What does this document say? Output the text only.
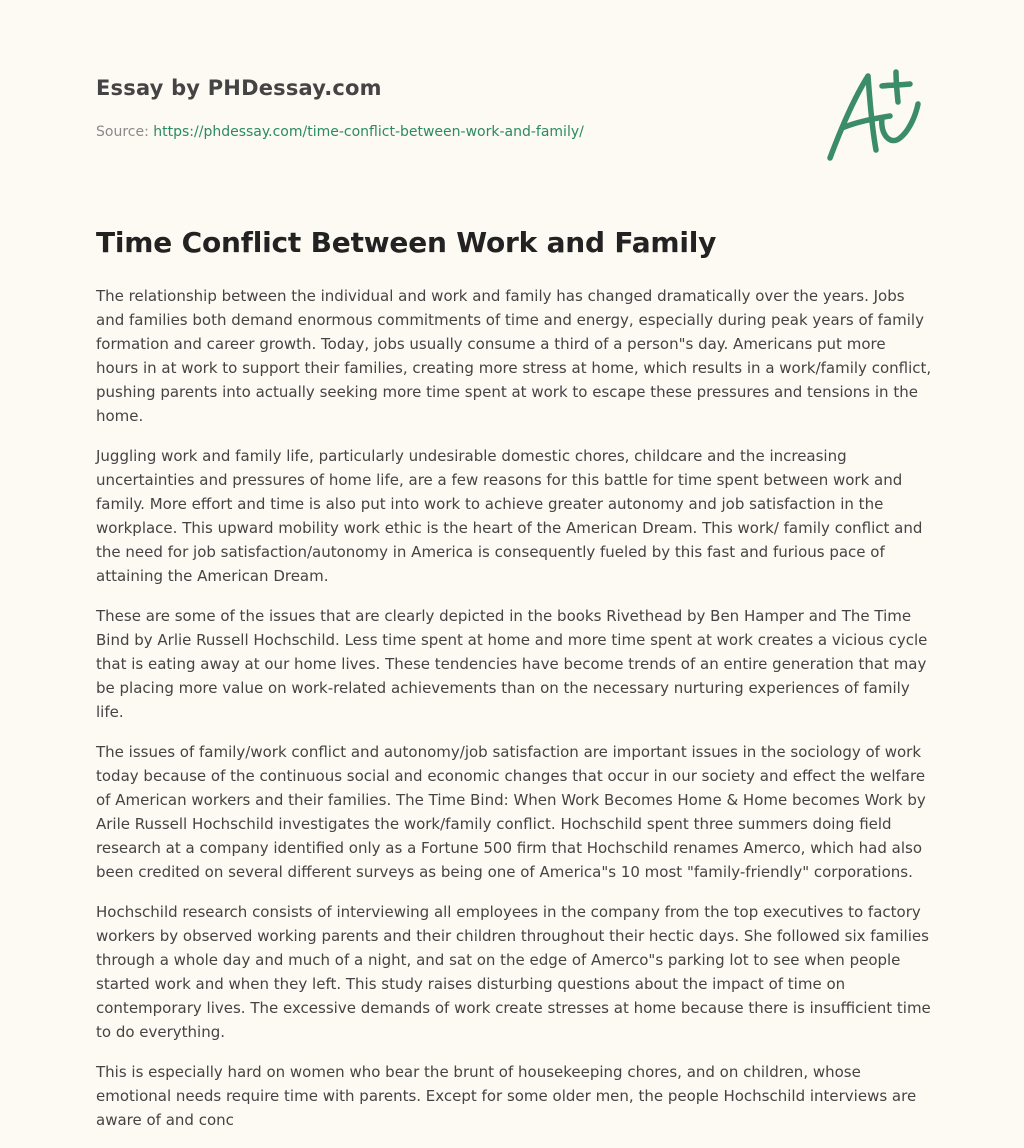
Essay by PHDessay.com
Source: https://phdessay.com/time-conflict-between-work-and-family/
Time Conflict Between Work and Family

The relationship between the individual and work and family has changed dramatically over the years. Jobs and families both demand enormous commitments of time and energy, especially during peak years of family formation and career growth. Today, jobs usually consume a third of a person"s day. Americans put more hours in at work to support their families, creating more stress at home, which results in a work/family conflict, pushing parents into actually seeking more time spent at work to escape these pressures and tensions in the home.

Juggling work and family life, particularly undesirable domestic chores, childcare and the increasing uncertainties and pressures of home life, are a few reasons for this battle for time spent between work and family. More effort and time is also put into work to achieve greater autonomy and job satisfaction in the workplace. This upward mobility work ethic is the heart of the American Dream. This work/ family conflict and the need for job satisfaction/autonomy in America is consequently fueled by this fast and furious pace of attaining the American Dream.

These are some of the issues that are clearly depicted in the books Rivethead by Ben Hamper and The Time Bind by Arlie Russell Hochschild. Less time spent at home and more time spent at work creates a vicious cycle that is eating away at our home lives. These tendencies have become trends of an entire generation that may be placing more value on work-related achievements than on the necessary nurturing experiences of family life.

The issues of family/work conflict and autonomy/job satisfaction are important issues in the sociology of work today because of the continuous social and economic changes that occur in our society and effect the welfare of American workers and their families. The Time Bind: When Work Becomes Home & Home becomes Work by Arile Russell Hochschild investigates the work/family conflict. Hochschild spent three summers doing field research at a company identified only as a Fortune 500 firm that Hochschild renames Amerco, which had also been credited on several different surveys as being one of America"s 10 most "family-friendly" corporations.

Hochschild research consists of interviewing all employees in the company from the top executives to factory workers by observed working parents and their children throughout their hectic days. She followed six families through a whole day and much of a night, and sat on the edge of Amerco"s parking lot to see when people started work and when they left. This study raises disturbing questions about the impact of time on contemporary lives. The excessive demands of work create stresses at home because there is insufficient time to do everything.

This is especially hard on women who bear the brunt of housekeeping chores, and on children, whose emotional needs require time with parents. Except for some older men, the people Hochschild interviews are aware of and conc
